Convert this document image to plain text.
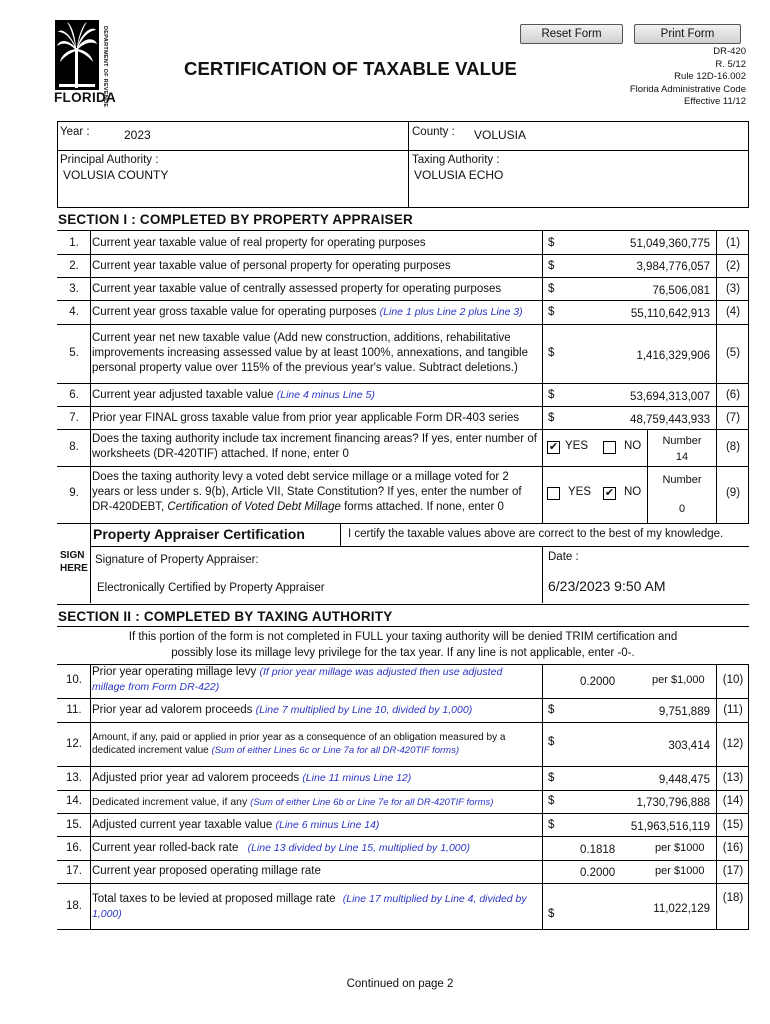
Reset Form	Print Form
DEPARTMENT OF REVENUE
FLORIDA
CERTIFICATION OF TAXABLE VALUE
DR-420
R. 5/12
Rule 12D-16.002
Florida Administrative Code
Effective 11/12
Year :	2023	County : VOLUSIA
Principal Authority :
VOLUSIA COUNTY
Taxing Authority :
VOLUSIA ECHO
SECTION I : COMPLETED BY PROPERTY APPRAISER
1.	Current year taxable value of real property for operating purposes	$	51,049,360,775	(1)
2.	Current year taxable value of personal property for operating purposes	$	3,984,776,057	(2)
3.	Current year taxable value of centrally assessed property for operating purposes	$	76,506,081	(3)
4.	Current year gross taxable value for operating purposes (Line 1 plus Line 2 plus Line 3) $	55,110,642,913	(4)
5.
Current year net new taxable value (Add new construction, additions, rehabilitative improvements increasing assessed value by at least 100%, annexations, and tangible personal property value over 115% of the previous year's value. Subtract deletions.)
$	1,416,329,906	(5)
6.	Current year adjusted taxable value (Line 4 minus Line 5)	$	53,694,313,007	(6)
7.	Prior year FINAL gross taxable value from prior year applicable Form DR-403 series	$	48,759,443,933	(7)
8.
Does the taxing authority include tax increment financing areas? If yes, enter number of worksheets (DR-420TIF) attached. If none, enter 0
✔ YES	NO	Number
14
(8)
9.
Does the taxing authority levy a voted debt service millage or a millage voted for 2 years or less under s. 9(b), Article VII, State Constitution? If yes, enter the number of DR-420DEBT, Certification of Voted Debt Millage forms attached. If none, enter 0
YES ✔ NO
Number
0
(9)
Property Appraiser Certification	I certify the taxable values above are correct to the best of my knowledge.
SIGN
HERE
Signature of Property Appraiser:
Electronically Certified by Property Appraiser
Date :
6/23/2023 9:50 AM
SECTION II : COMPLETED BY TAXING AUTHORITY
If this portion of the form is not completed in FULL your taxing authority will be denied TRIM certification and
possibly lose its millage levy privilege for the tax year. If any line is not applicable, enter -0-.
10.
Prior year operating millage levy (If prior year millage was adjusted then use adjusted millage from Form DR-422)	0.2000	per $1,000	(10)
11. Prior year ad valorem proceeds (Line 7 multiplied by Line 10, divided by 1,000)	$	9,751,889	(11)
12.
Amount, if any, paid or applied in prior year as a consequence of an obligation measured by a dedicated increment value (Sum of either Lines 6c or Line 7a for all DR-420TIF forms)
$	303,414	(12)
13. Adjusted prior year ad valorem proceeds (Line 11 minus Line 12)	$	9,448,475	(13)
14. Dedicated increment value, if any (Sum of either Line 6b or Line 7e for all DR-420TIF forms)	$	1,730,796,888	(14)
15. Adjusted current year taxable value (Line 6 minus Line 14)	$	51,963,516,119	(15)
16. Current year rolled-back rate (Line 13 divided by Line 15, multiplied by 1,000)	0.1818	per $1000	(16)
17. Current year proposed operating millage rate	0.2000	per $1000	(17)
18.
Total taxes to be levied at proposed millage rate (Line 17 multiplied by Line 4, divided by 1,000)	$	11,022,129
(18)
Continued on page 2
